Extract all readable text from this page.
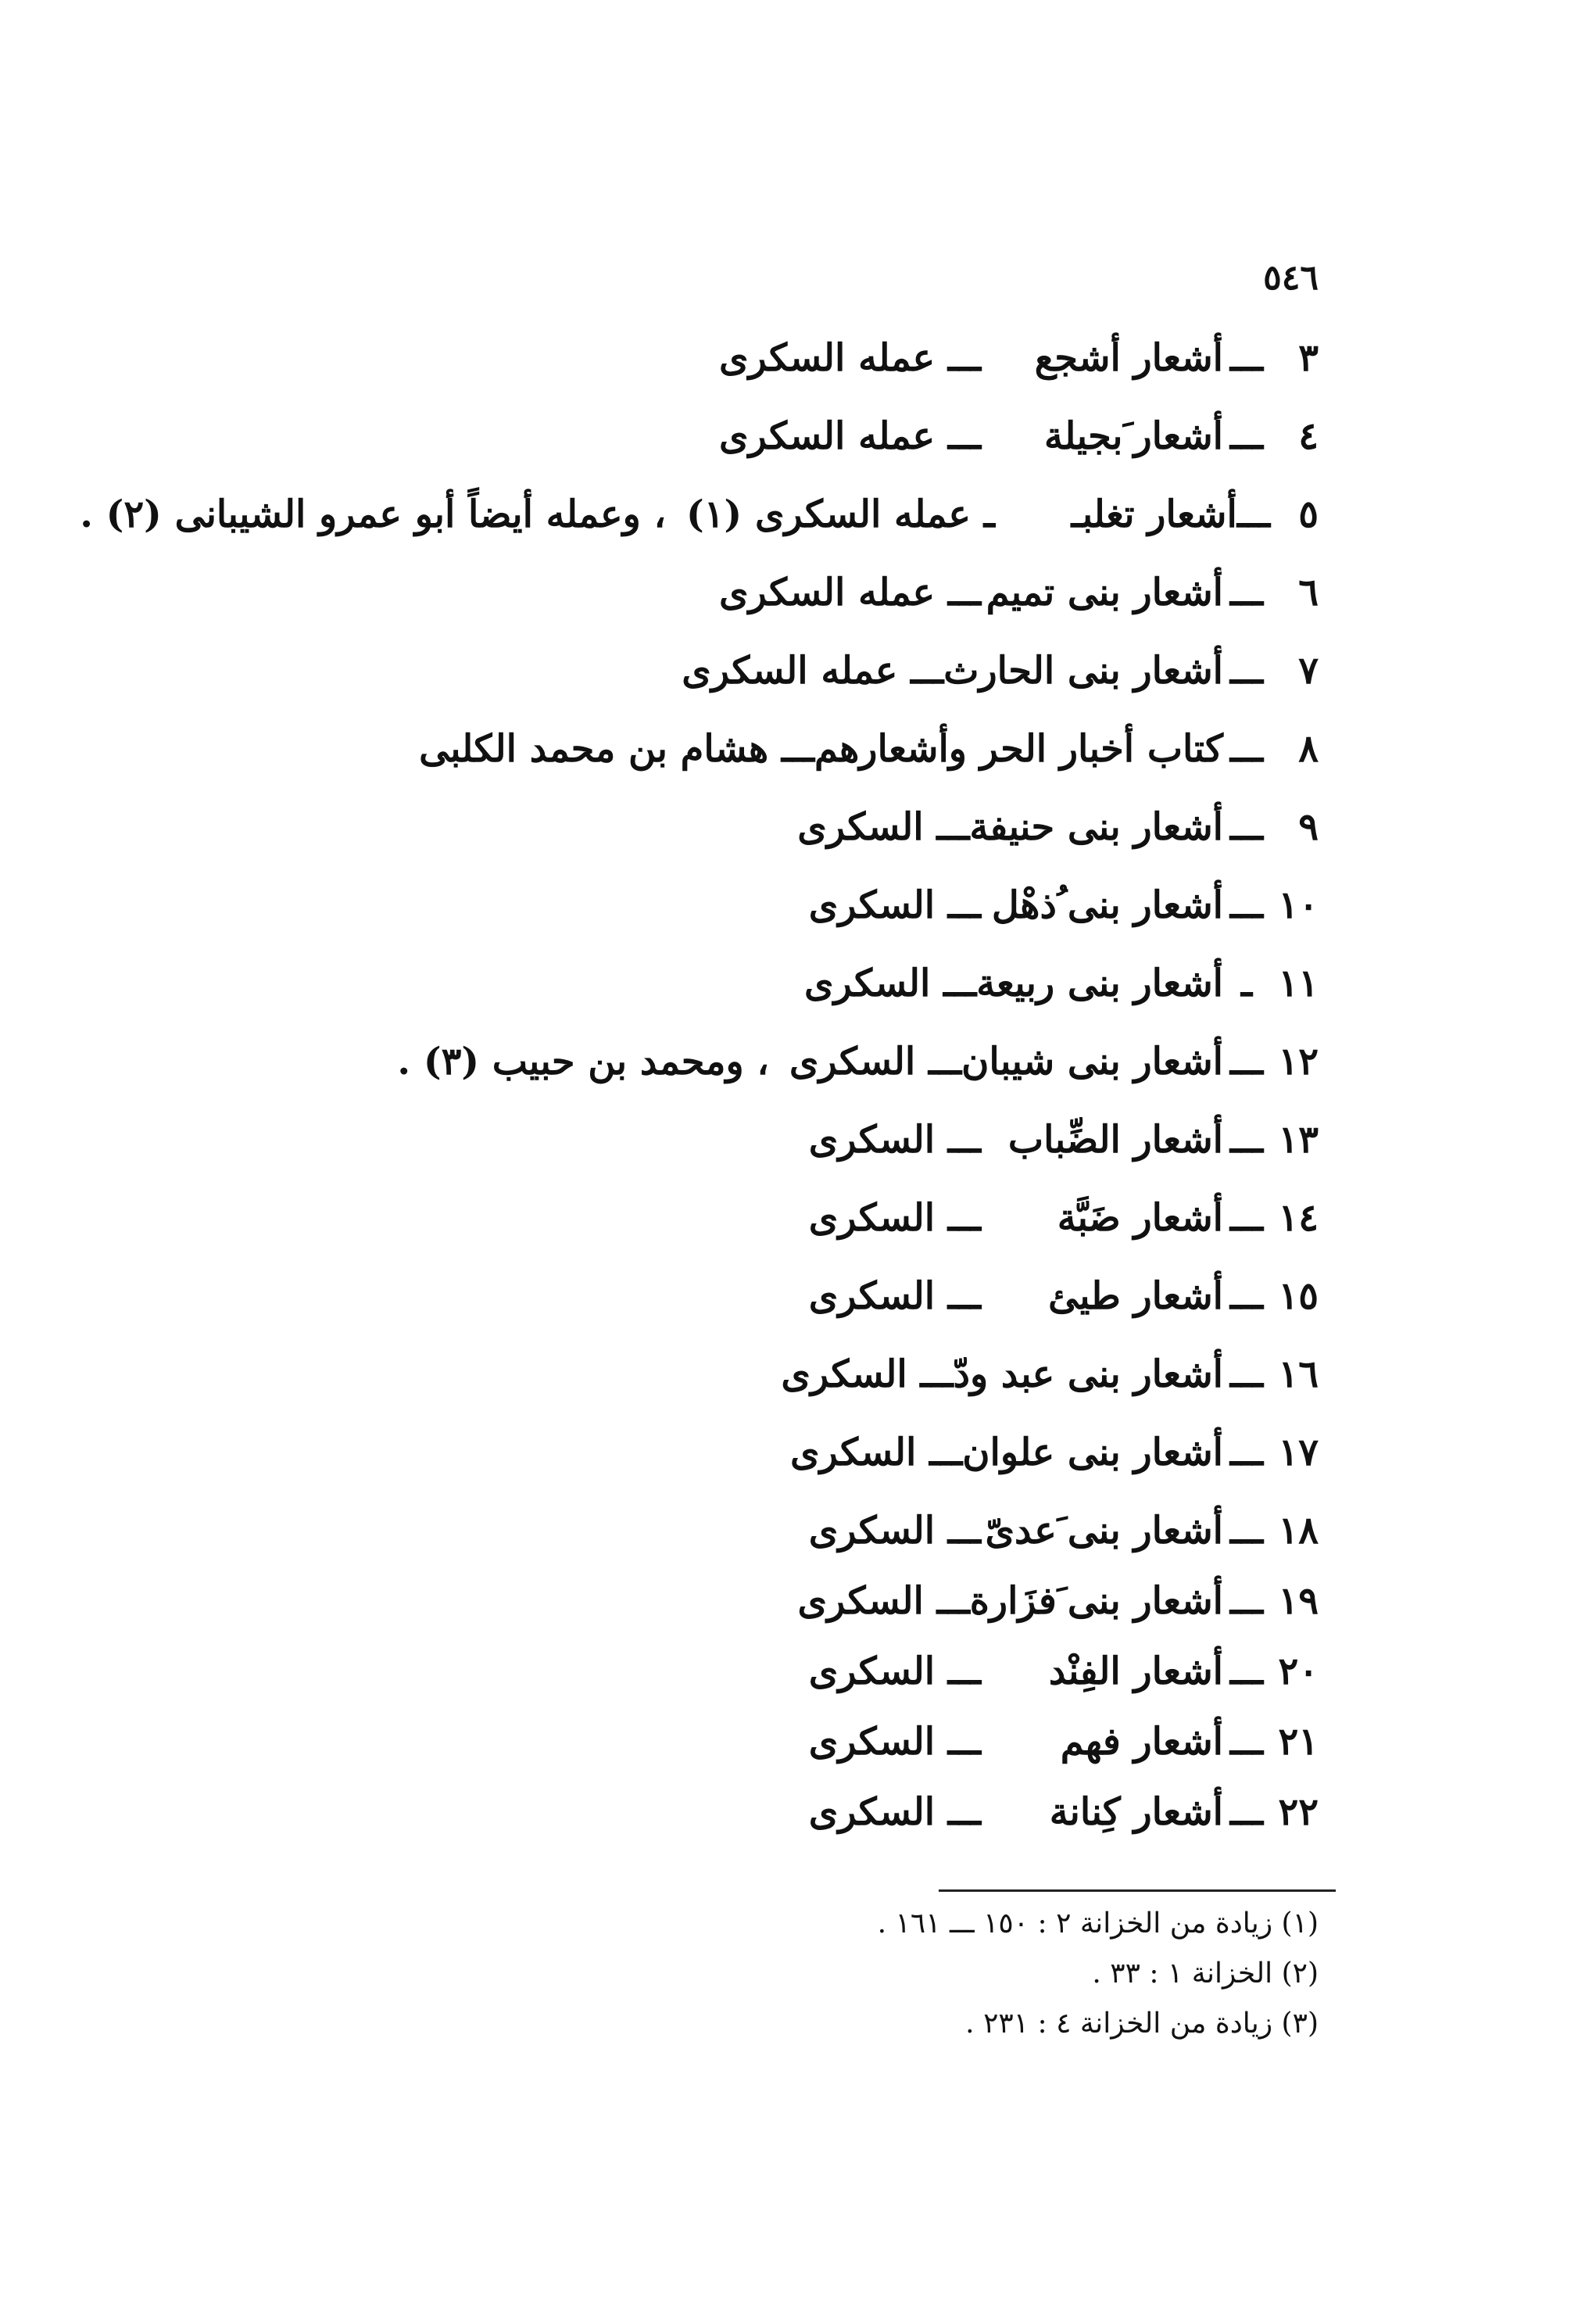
٥٤٦
٣
ـــ
أشعار أشجع
ـــ عمله السكرى
٤
ـــ
أشعار َبجيلة
ـــ عمله السكرى
٥
ـــ
أشعار تغلبـ
ـ عمله السكرى (١)
، وعمله أيضاً أبو عمرو الشيبانى (٢) .
٦
ـــ
أشعار بنى تميم
ـــ عمله السكرى
٧
ـــ
أشعار بنى الحارث
ـــ عمله السكرى
٨
ـــ
كتاب أخبار الحر وأشعارهم
ـــ هشام بن محمد الكلبى
٩
ـــ
أشعار بنى حنيفة
ـــ السكرى
١٠
ـــ
أشعار بنى ُذهْل
ـــ السكرى
١١
ـ
أشعار بنى ربيعة
ـــ السكرى
١٢
ـــ
أشعار بنى شيبان
ـــ السكرى
، ومحمد بن حبيب (٣) .
١٣
ـــ
أشعار الضِّباب
ـــ السكرى
١٤
ـــ
أشعار ضَبَّة
ـــ السكرى
١٥
ـــ
أشعار طيئ
ـــ السكرى
١٦
ـــ
أشعار بنى عبد ودّ
ـــ السكرى
١٧
ـــ
أشعار بنى علوان
ـــ السكرى
١٨
ـــ
أشعار بنى َعدىّ
ـــ السكرى
١٩
ـــ
أشعار بنى َفزَارة
ـــ السكرى
٢٠
ـــ
أشعار الفِنْد
ـــ السكرى
٢١
ـــ
أشعار فهم
ـــ السكرى
٢٢
ـــ
أشعار كِنانة
ـــ السكرى
(١) زيادة من الخزانة ٢ : ١٥٠ ـــ ١٦١ .
(٢) الخزانة ١ : ٣٣ .
(٣) زيادة من الخزانة ٤ : ٢٣١ .
